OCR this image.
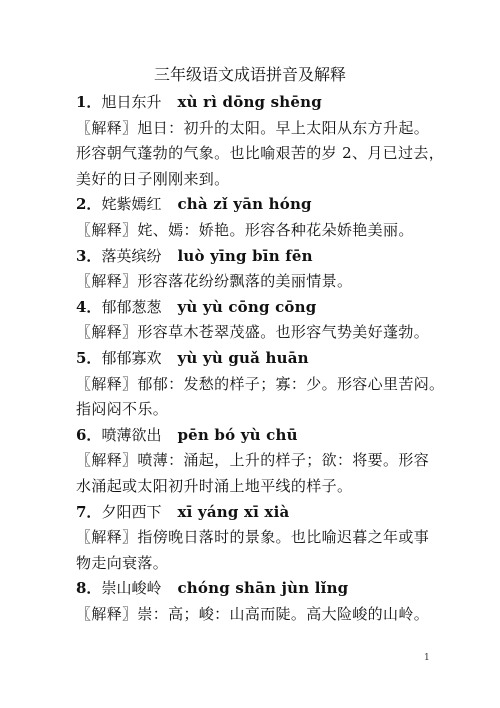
三年级语文成语拼音及解释
1．旭日东升 xù rì dōng shēng
〖解释〗旭日：初升的太阳。早上太阳从东方升起。
形容朝气蓬勃的气象。也比喻艰苦的岁 2、月已过去，
美好的日子刚刚来到。
2．姹紫嫣红 chà zǐ yān hóng
〖解释〗姹、嫣：娇艳。形容各种花朵娇艳美丽。
3．落英缤纷 luò yīng bīn fēn
〖解释〗形容落花纷纷飘落的美丽情景。
4．郁郁葱葱 yù yù cōng cōng
〖解释〗形容草木苍翠茂盛。也形容气势美好蓬勃。
5．郁郁寡欢 yù yù guǎ huān
〖解释〗郁郁：发愁的样子；寡：少。形容心里苦闷。
指闷闷不乐。
6．喷薄欲出 pēn bó yù chū
〖解释〗喷薄：涌起，上升的样子；欲：将要。形容
水涌起或太阳初升时涌上地平线的样子。
7．夕阳西下 xī yáng xī xià
〖解释〗指傍晚日落时的景象。也比喻迟暮之年或事
物走向衰落。
8．崇山峻岭 chóng shān jùn lǐng
〖解释〗崇：高；峻：山高而陡。高大险峻的山岭。
1
